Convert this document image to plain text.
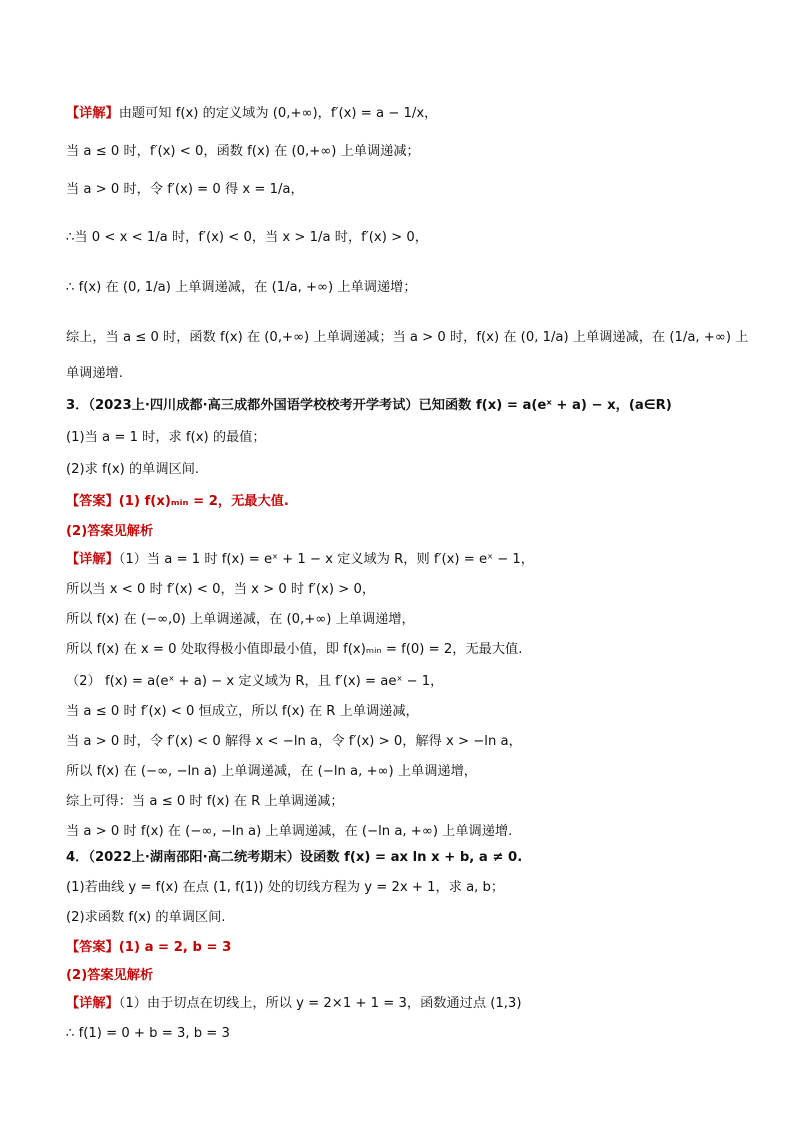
【详解】由题可知 f(x) 的定义域为 (0,+∞)，f′(x) = a − 1/x，
当 a ≤ 0 时，f′(x) < 0，函数 f(x) 在 (0,+∞) 上单调递减；
当 a > 0 时，令 f′(x) = 0 得 x = 1/a，
∴当 0 < x < 1/a 时，f′(x) < 0，当 x > 1/a 时，f′(x) > 0，
∴ f(x) 在 (0, 1/a) 上单调递减，在 (1/a, +∞) 上单调递增；
综上，当 a ≤ 0 时，函数 f(x) 在 (0,+∞) 上单调递减；当 a > 0 时，f(x) 在 (0, 1/a) 上单调递减，在 (1/a, +∞) 上
单调递增.
3．（2023上·四川成都·高三成都外国语学校校考开学考试）已知函数 f(x) = a(eˣ + a) − x，(a∈R)
(1)当 a = 1 时，求 f(x) 的最值；
(2)求 f(x) 的单调区间.
【答案】(1) f(x)ₘᵢₙ = 2，无最大值.
(2)答案见解析
【详解】（1）当 a = 1 时 f(x) = eˣ + 1 − x 定义域为 R，则 f′(x) = eˣ − 1，
所以当 x < 0 时 f′(x) < 0，当 x > 0 时 f′(x) > 0，
所以 f(x) 在 (−∞,0) 上单调递减，在 (0,+∞) 上单调递增，
所以 f(x) 在 x = 0 处取得极小值即最小值，即 f(x)ₘᵢₙ = f(0) = 2，无最大值.
（2） f(x) = a(eˣ + a) − x 定义域为 R，且 f′(x) = aeˣ − 1，
当 a ≤ 0 时 f′(x) < 0 恒成立，所以 f(x) 在 R 上单调递减，
当 a > 0 时，令 f′(x) < 0 解得 x < −ln a，令 f′(x) > 0，解得 x > −ln a，
所以 f(x) 在 (−∞, −ln a) 上单调递减，在 (−ln a, +∞) 上单调递增，
综上可得：当 a ≤ 0 时 f(x) 在 R 上单调递减；
当 a > 0 时 f(x) 在 (−∞, −ln a) 上单调递减，在 (−ln a, +∞) 上单调递增.
4．（2022上·湖南邵阳·高二统考期末）设函数 f(x) = ax ln x + b, a ≠ 0.
(1)若曲线 y = f(x) 在点 (1, f(1)) 处的切线方程为 y = 2x + 1，求 a, b；
(2)求函数 f(x) 的单调区间.
【答案】(1) a = 2, b = 3
(2)答案见解析
【详解】（1）由于切点在切线上，所以 y = 2×1 + 1 = 3，函数通过点 (1,3)
∴ f(1) = 0 + b = 3, b = 3
